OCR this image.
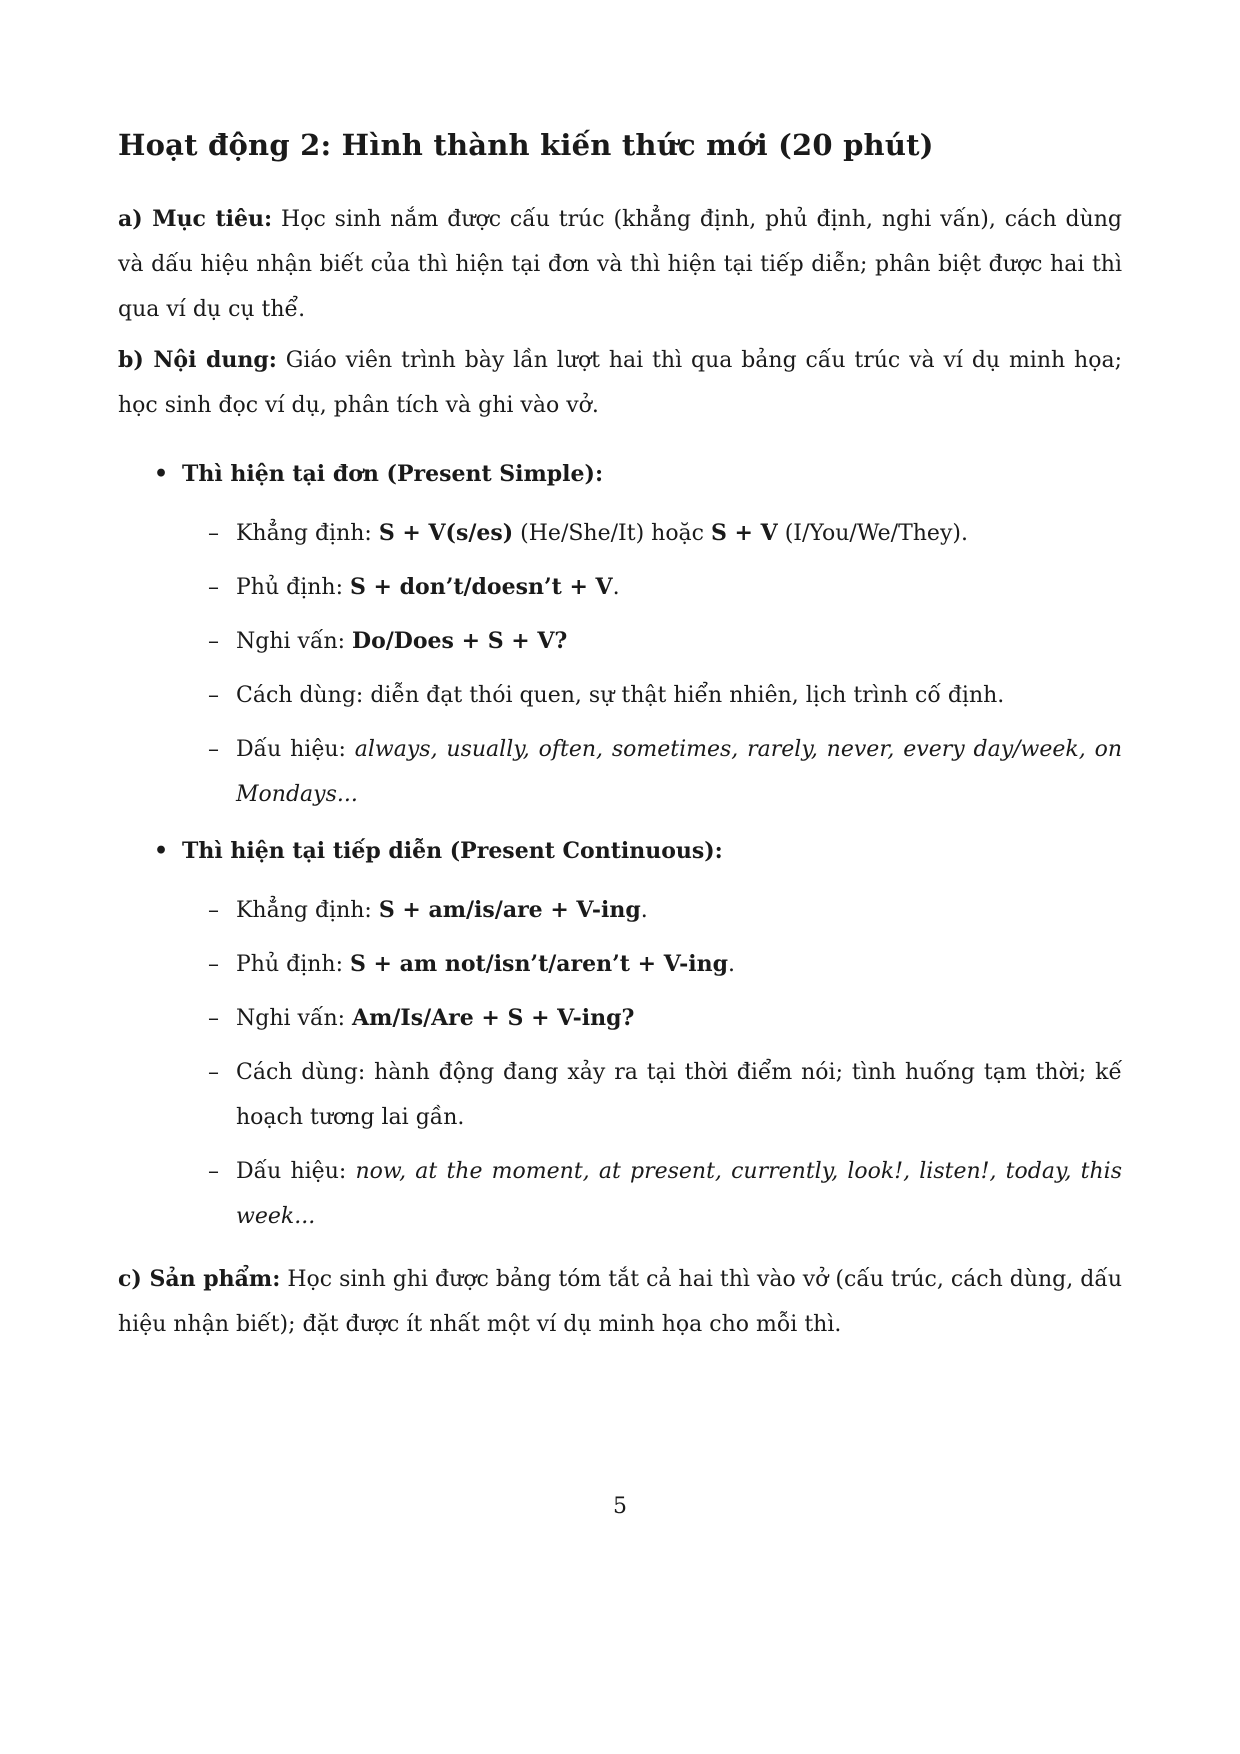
Hoạt động 2: Hình thành kiến thức mới (20 phút)

a) Mục tiêu: Học sinh nắm được cấu trúc (khẳng định, phủ định, nghi vấn), cách dùng và dấu hiệu nhận biết của thì hiện tại đơn và thì hiện tại tiếp diễn; phân biệt được hai thì qua ví dụ cụ thể.

b) Nội dung: Giáo viên trình bày lần lượt hai thì qua bảng cấu trúc và ví dụ minh họa; học sinh đọc ví dụ, phân tích và ghi vào vở.

• Thì hiện tại đơn (Present Simple):
– Khẳng định: S + V(s/es) (He/She/It) hoặc S + V (I/You/We/They).
– Phủ định: S + don’t/doesn’t + V.
– Nghi vấn: Do/Does + S + V?
– Cách dùng: diễn đạt thói quen, sự thật hiển nhiên, lịch trình cố định.
– Dấu hiệu: always, usually, often, sometimes, rarely, never, every day/week, on Mondays...
• Thì hiện tại tiếp diễn (Present Continuous):
– Khẳng định: S + am/is/are + V-ing.
– Phủ định: S + am not/isn’t/aren’t + V-ing.
– Nghi vấn: Am/Is/Are + S + V-ing?
– Cách dùng: hành động đang xảy ra tại thời điểm nói; tình huống tạm thời; kế hoạch tương lai gần.
– Dấu hiệu: now, at the moment, at present, currently, look!, listen!, today, this week...

c) Sản phẩm: Học sinh ghi được bảng tóm tắt cả hai thì vào vở (cấu trúc, cách dùng, dấu hiệu nhận biết); đặt được ít nhất một ví dụ minh họa cho mỗi thì.

5
